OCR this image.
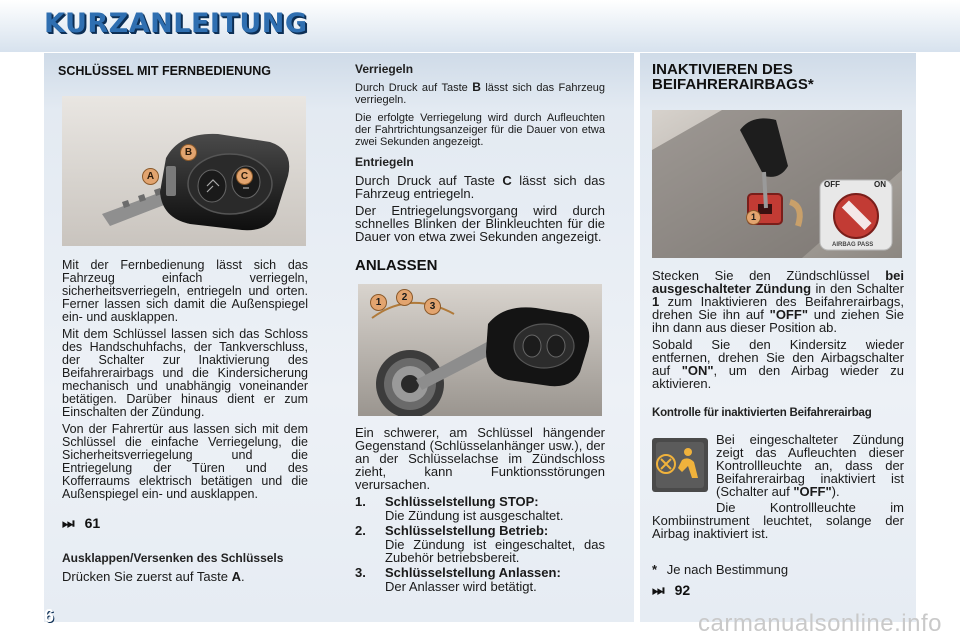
KURZANLEITUNG
SCHLÜSSEL MIT FERNBEDIENUNG
B
A	C

Mit der Fernbedienung lässt sich das Fahrzeug einfach verriegeln, sicherheitsverriegeln, entriegeln und orten. Ferner lassen sich damit die Außenspiegel ein- und ausklappen.

Mit dem Schlüssel lassen sich das Schloss des Handschuhfachs, der Tankverschluss, der Schalter zur Inaktivierung des Beifahrerairbags und die Kindersicherung mechanisch und unabhängig voneinander betätigen. Darüber hinaus dient er zum Einschalten der Zündung.

Von der Fahrertür aus lassen sich mit dem Schlüssel die einfache Verriegelung, die Sicherheitsverriegelung und die Entriegelung der Türen und des Kofferraums elektrisch betätigen und die Außenspiegel ein- und ausklappen.

⏭ 61
Ausklappen/Versenken des Schlüssels
Drücken Sie zuerst auf Taste A.
Verriegeln
Durch Druck auf Taste B lässt sich das Fahrzeug verriegeln.
Die erfolgte Verriegelung wird durch Aufleuchten der Fahrtrichtungsanzeiger für die Dauer von etwa zwei Sekunden angezeigt.
Entriegeln
Durch Druck auf Taste C lässt sich das Fahrzeug entriegeln.
Der Entriegelungsvorgang wird durch schnelles Blinken der Blinkleuchten für die Dauer von etwa zwei Sekunden angezeigt.
ANLASSEN
1	2
3

Ein schwerer, am Schlüssel hängender Gegenstand (Schlüsselanhänger usw.), der an der Schlüsselachse im Zündschloss zieht, kann Funktionsstörungen verursachen.

1. Schlüsselstellung STOP:
Die Zündung ist ausgeschaltet.
2. Schlüsselstellung Betrieb:
Die Zündung ist eingeschaltet, das Zubehör betriebsbereit.
3. Schlüsselstellung Anlassen:
Der Anlasser wird betätigt.
INAKTIVIEREN DES
BEIFAHRERAIRBAGS*
OFF	ON
AIRBAG PASS
1

Stecken Sie den Zündschlüssel bei ausgeschalteter Zündung in den Schalter 1 zum Inaktivieren des Beifahrerairbags, drehen Sie ihn auf "OFF" und ziehen Sie ihn dann aus dieser Position ab.

Sobald Sie den Kindersitz wieder entfernen, drehen Sie den Airbagschalter auf "ON", um den Airbag wieder zu aktivieren.

Kontrolle für inaktivierten Beifahrerairbag
Bei eingeschalteter Zündung zeigt das Aufleuchten dieser Kontrollleuchte an, dass der Beifahrerairbag inaktiviert ist (Schalter auf "OFF").
Die Kontrollleuchte im Kombiinstrument leuchtet, solange der Airbag inaktiviert ist.
* Je nach Bestimmung
⏭ 92
6	carmanualsonline.info
